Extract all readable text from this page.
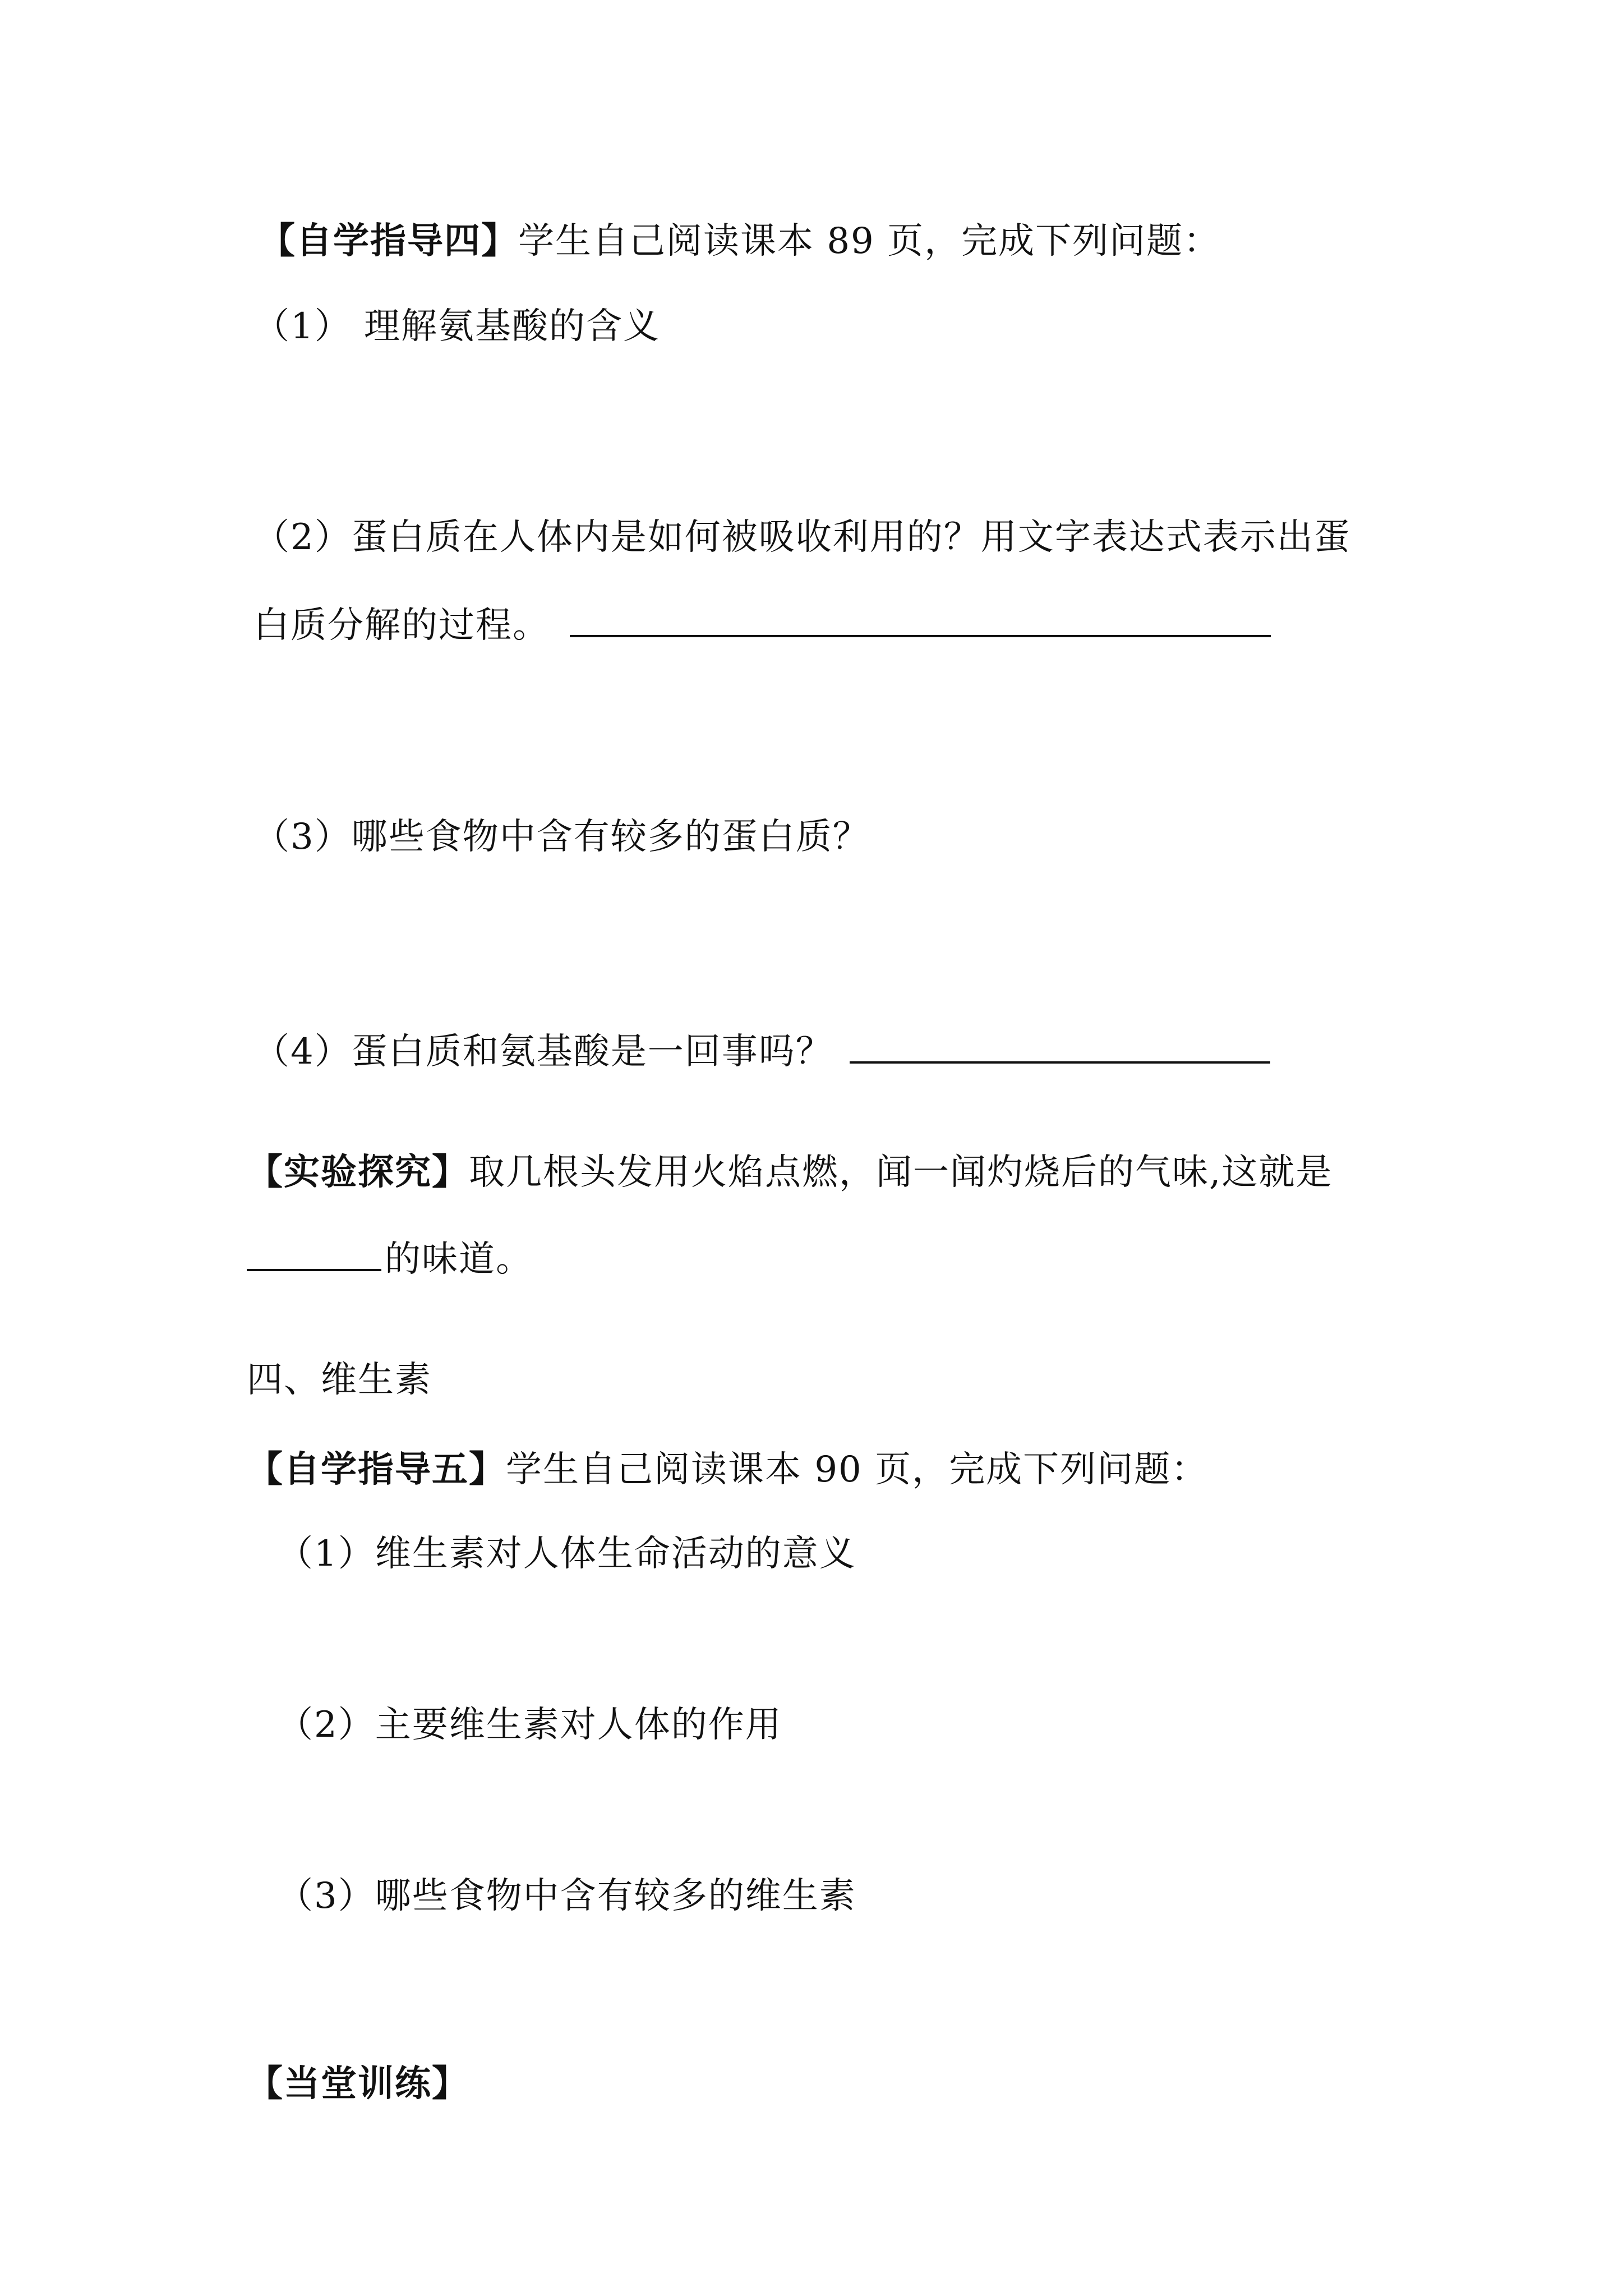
【自学指导四】学生自己阅读课本 89 页，完成下列问题：
（1） 理解氨基酸的含义
（2）蛋白质在人体内是如何被吸收利用的？用文字表达式表示出蛋
白质分解的过程。
（3）哪些食物中含有较多的蛋白质？
（4）蛋白质和氨基酸是一回事吗？
【实验探究】取几根头发用火焰点燃，闻一闻灼烧后的气味,这就是
的味道。
四、维生素
【自学指导五】学生自己阅读课本 90 页，完成下列问题：
（1）维生素对人体生命活动的意义
（2）主要维生素对人体的作用
（3）哪些食物中含有较多的维生素
【当堂训练】
